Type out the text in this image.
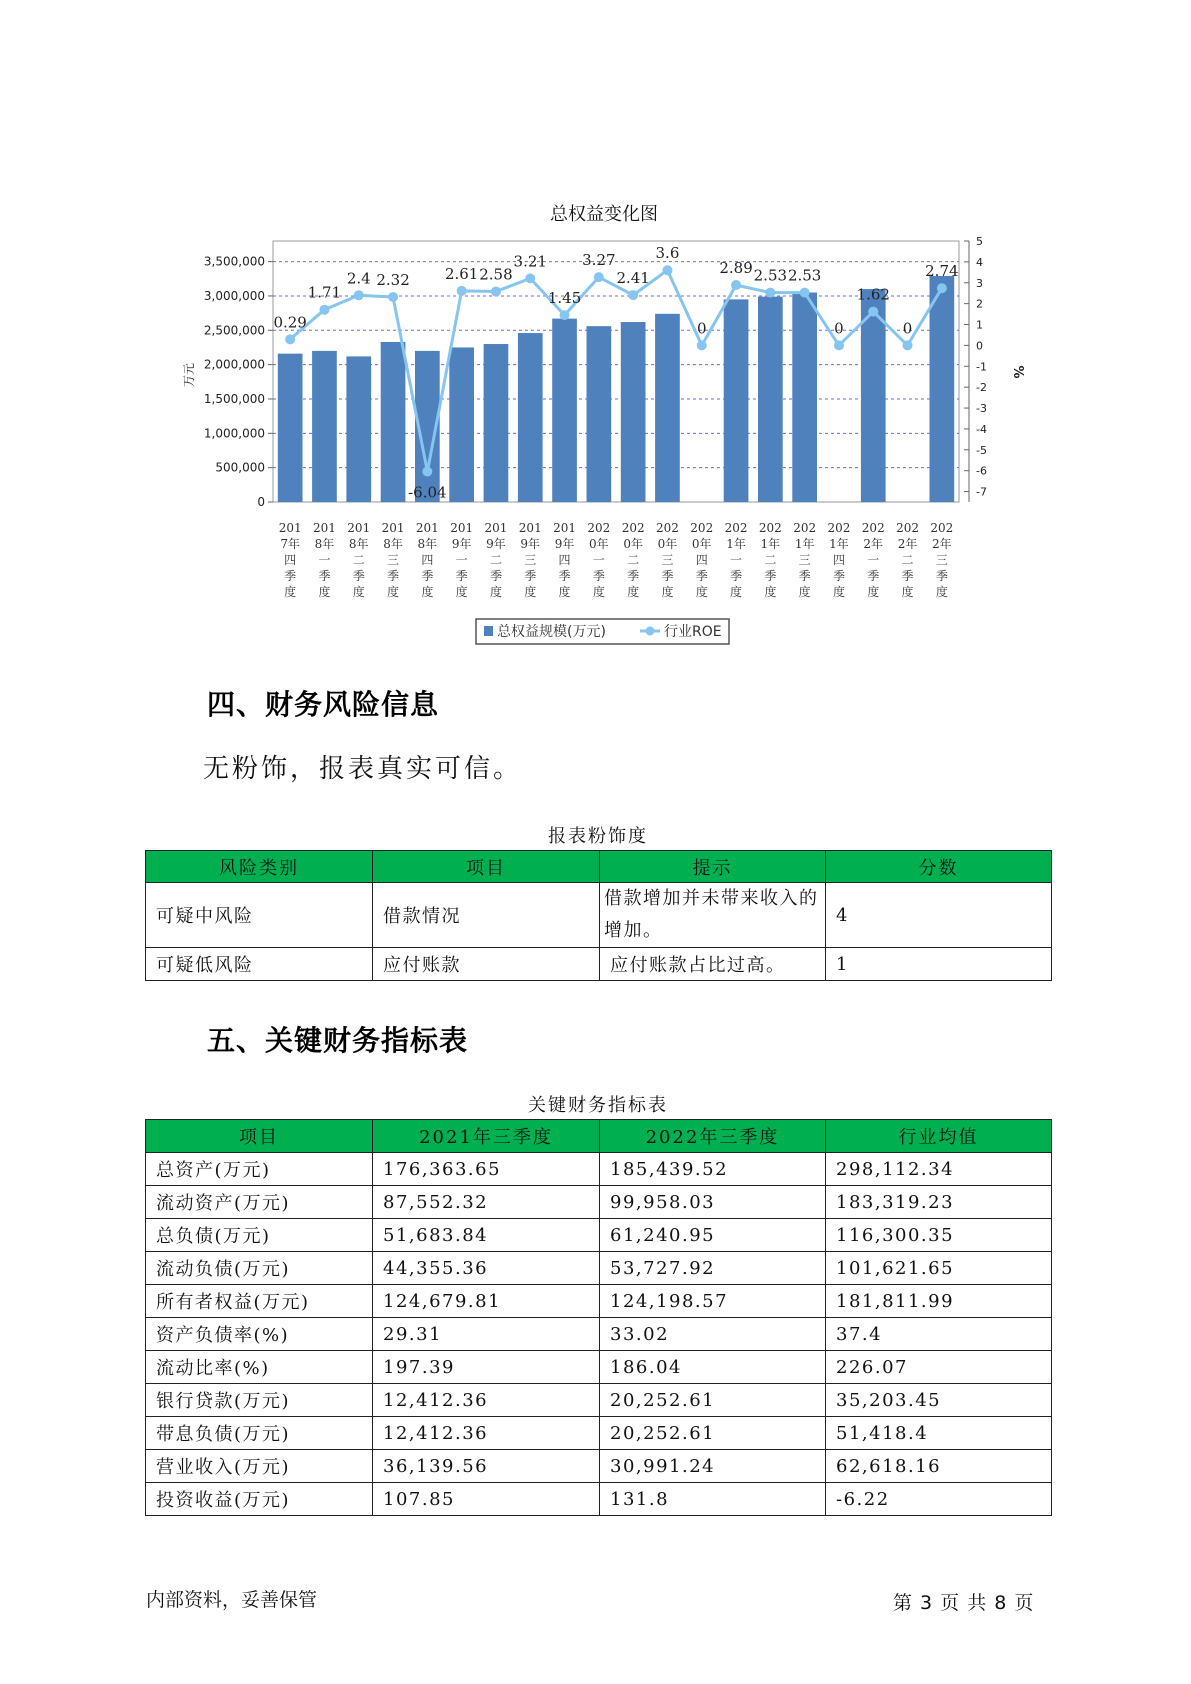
总权益变化图
0.29
1.71
2.4 2.32
-6.04
2.61 2.58
3.21
1.45
3.27
2.41
3.6
0
2.89 2.53 2.53
0
1.62
0
2.74
0
500,000
1,000,000
1,500,000
2,000,000
2,500,000
3,000,000
3,500,000
-7
-6
-5
-4
-3
-2
-1
0
1
2
3
4
5
万元	%
201
7年
四
季
度
201
8年
一
季
度
201
8年
二
季
度
201
8年
三
季
度
201
8年
四
季
度
201
9年
一
季
度
201
9年
二
季
度
201
9年
三
季
度
201
9年
四
季
度
202
0年
一
季
度
202
0年
二
季
度
202
0年
三
季
度
202
0年
四
季
度
202
1年
一
季
度
202
1年
二
季
度
202
1年
三
季
度
202
1年
四
季
度
202
2年
一
季
度
202
2年
二
季
度
202
2年
三
季
度
总权益规模(万元)	行业ROE
四、财务风险信息
无粉饰，报表真实可信。
报表粉饰度
风险类别	项目	提示	分数
可疑中风险	借款情况	借款增加并未带来收入的增加。	4
可疑低风险	应付账款	应付账款占比过高。	1
五、关键财务指标表
关键财务指标表
项目	2021年三季度	2022年三季度	行业均值
总资产(万元)	176,363.65	185,439.52	298,112.34
流动资产(万元)	87,552.32	99,958.03	183,319.23
总负债(万元)	51,683.84	61,240.95	116,300.35
流动负债(万元)	44,355.36	53,727.92	101,621.65
所有者权益(万元)	124,679.81	124,198.57	181,811.99
资产负债率(%)	29.31	33.02	37.4
流动比率(%)	197.39	186.04	226.07
银行贷款(万元)	12,412.36	20,252.61	35,203.45
带息负债(万元)	12,412.36	20,252.61	51,418.4
营业收入(万元)	36,139.56	30,991.24	62,618.16
投资收益(万元)	107.85	131.8	-6.22
内部资料，妥善保管	第 3 页 共 8 页
